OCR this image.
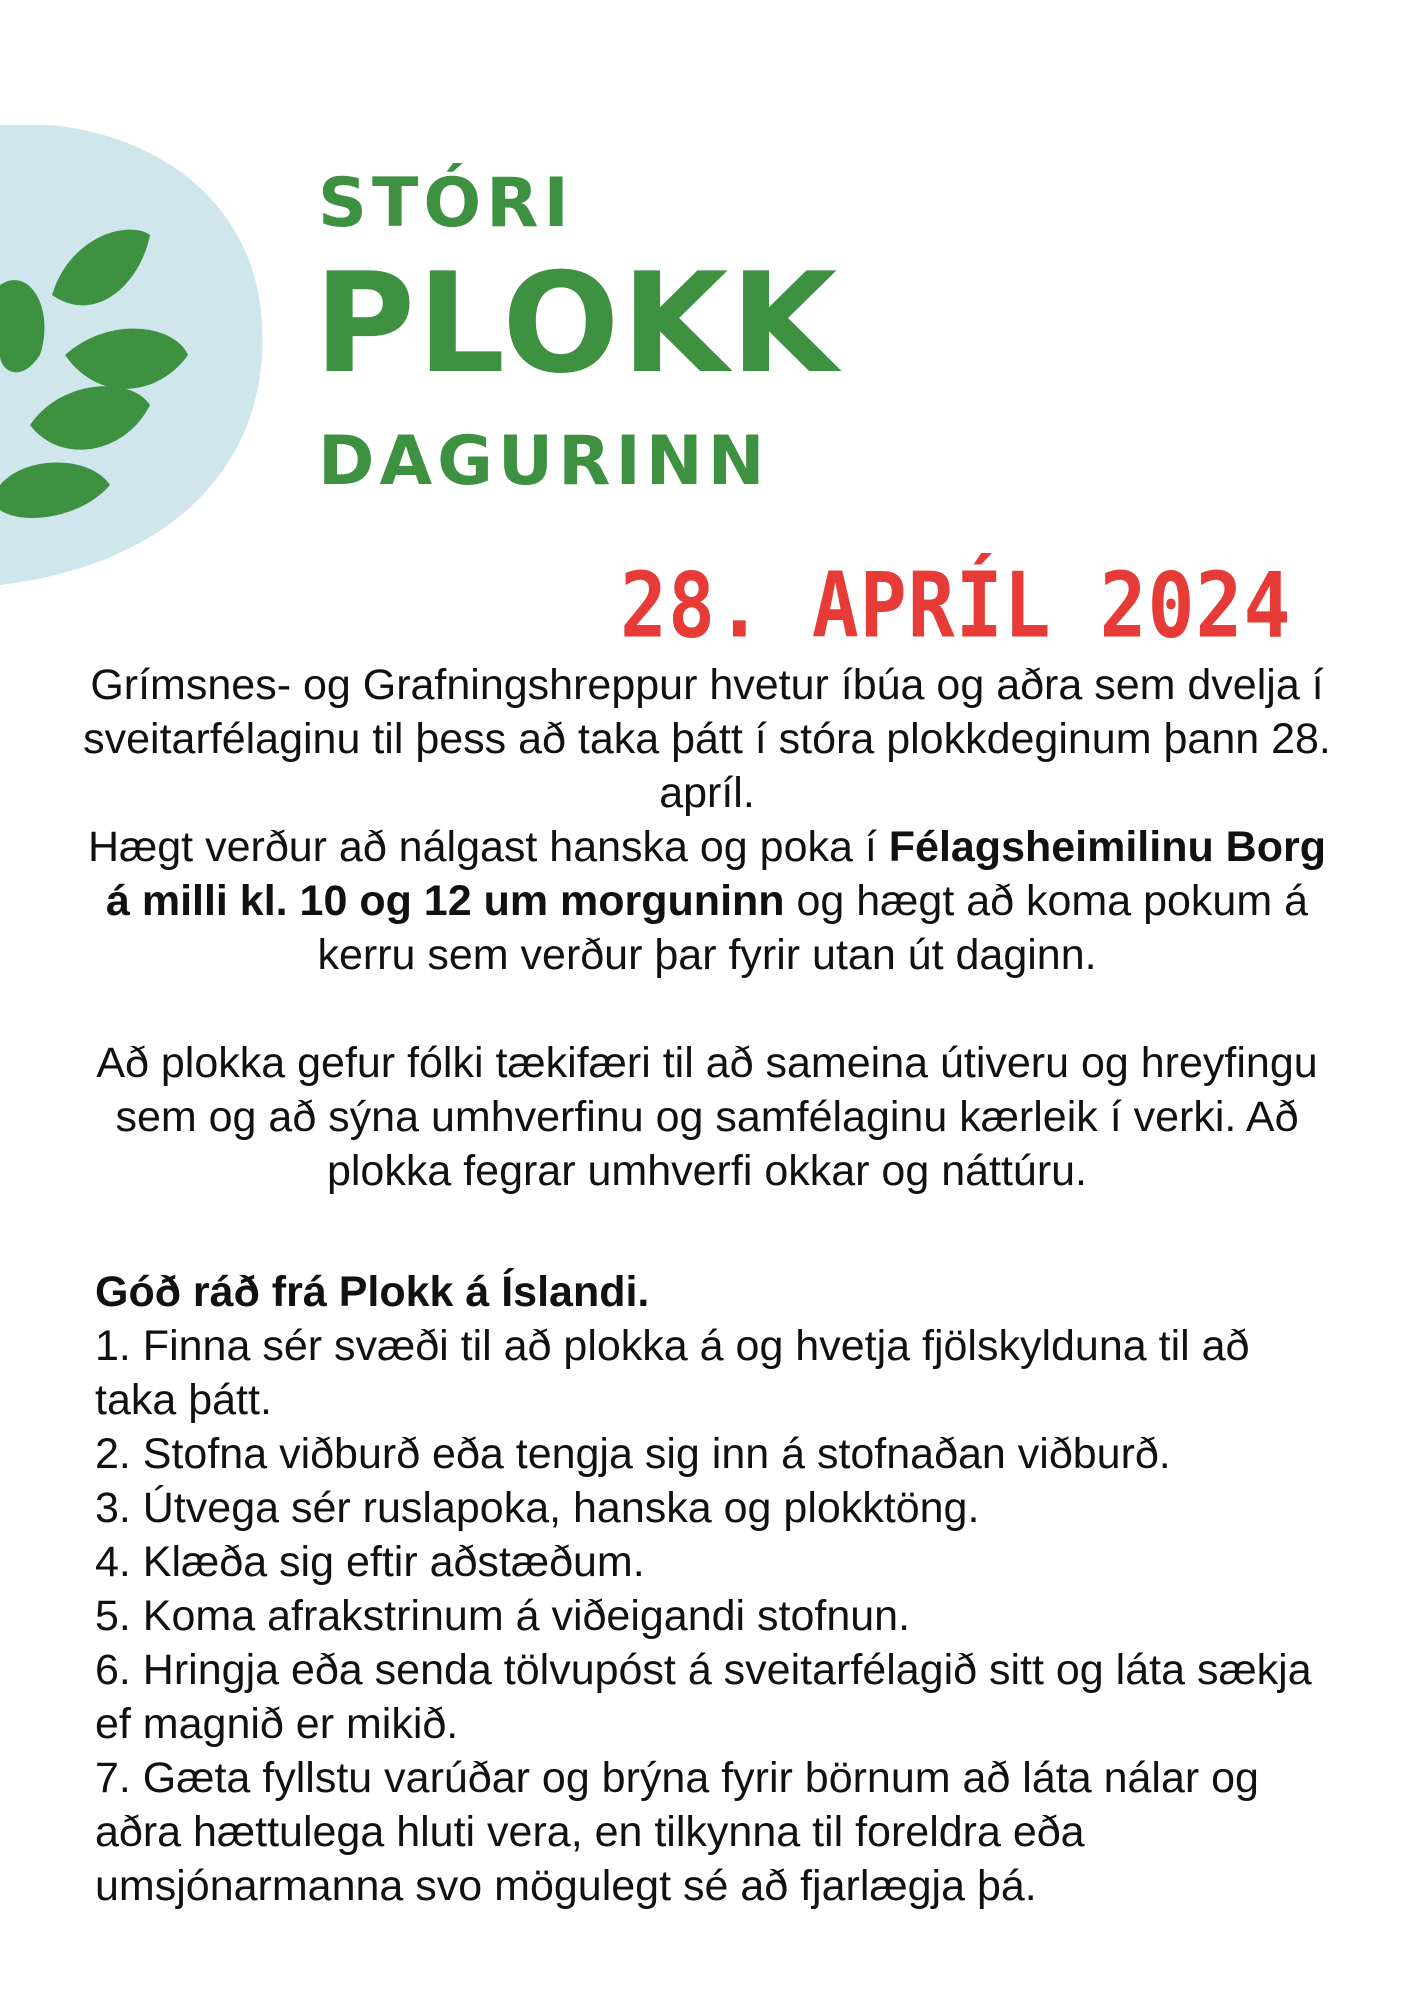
STÓRI
PLOKK
DAGURINN
28. APRÍL 2024

Grímsnes- og Grafningshreppur hvetur íbúa og aðra sem dvelja í sveitarfélaginu til þess að taka þátt í stóra plokkdeginum þann 28. apríl.
Hægt verður að nálgast hanska og poka í Félagsheimilinu Borg á milli kl. 10 og 12 um morguninn og hægt að koma pokum á kerru sem verður þar fyrir utan út daginn.

Að plokka gefur fólki tækifæri til að sameina útiveru og hreyfingu sem og að sýna umhverfinu og samfélaginu kærleik í verki. Að plokka fegrar umhverfi okkar og náttúru.

Góð ráð frá Plokk á Íslandi.

1. Finna sér svæði til að plokka á og hvetja fjölskylduna til að taka þátt.
2. Stofna viðburð eða tengja sig inn á stofnaðan viðburð.
3. Útvega sér ruslapoka, hanska og plokktöng.
4. Klæða sig eftir aðstæðum.
5. Koma afrakstrinum á viðeigandi stofnun.
6. Hringja eða senda tölvupóst á sveitarfélagið sitt og láta sækja ef magnið er mikið.
7. Gæta fyllstu varúðar og brýna fyrir börnum að láta nálar og aðra hættulega hluti vera, en tilkynna til foreldra eða umsjónarmanna svo mögulegt sé að fjarlægja þá.
